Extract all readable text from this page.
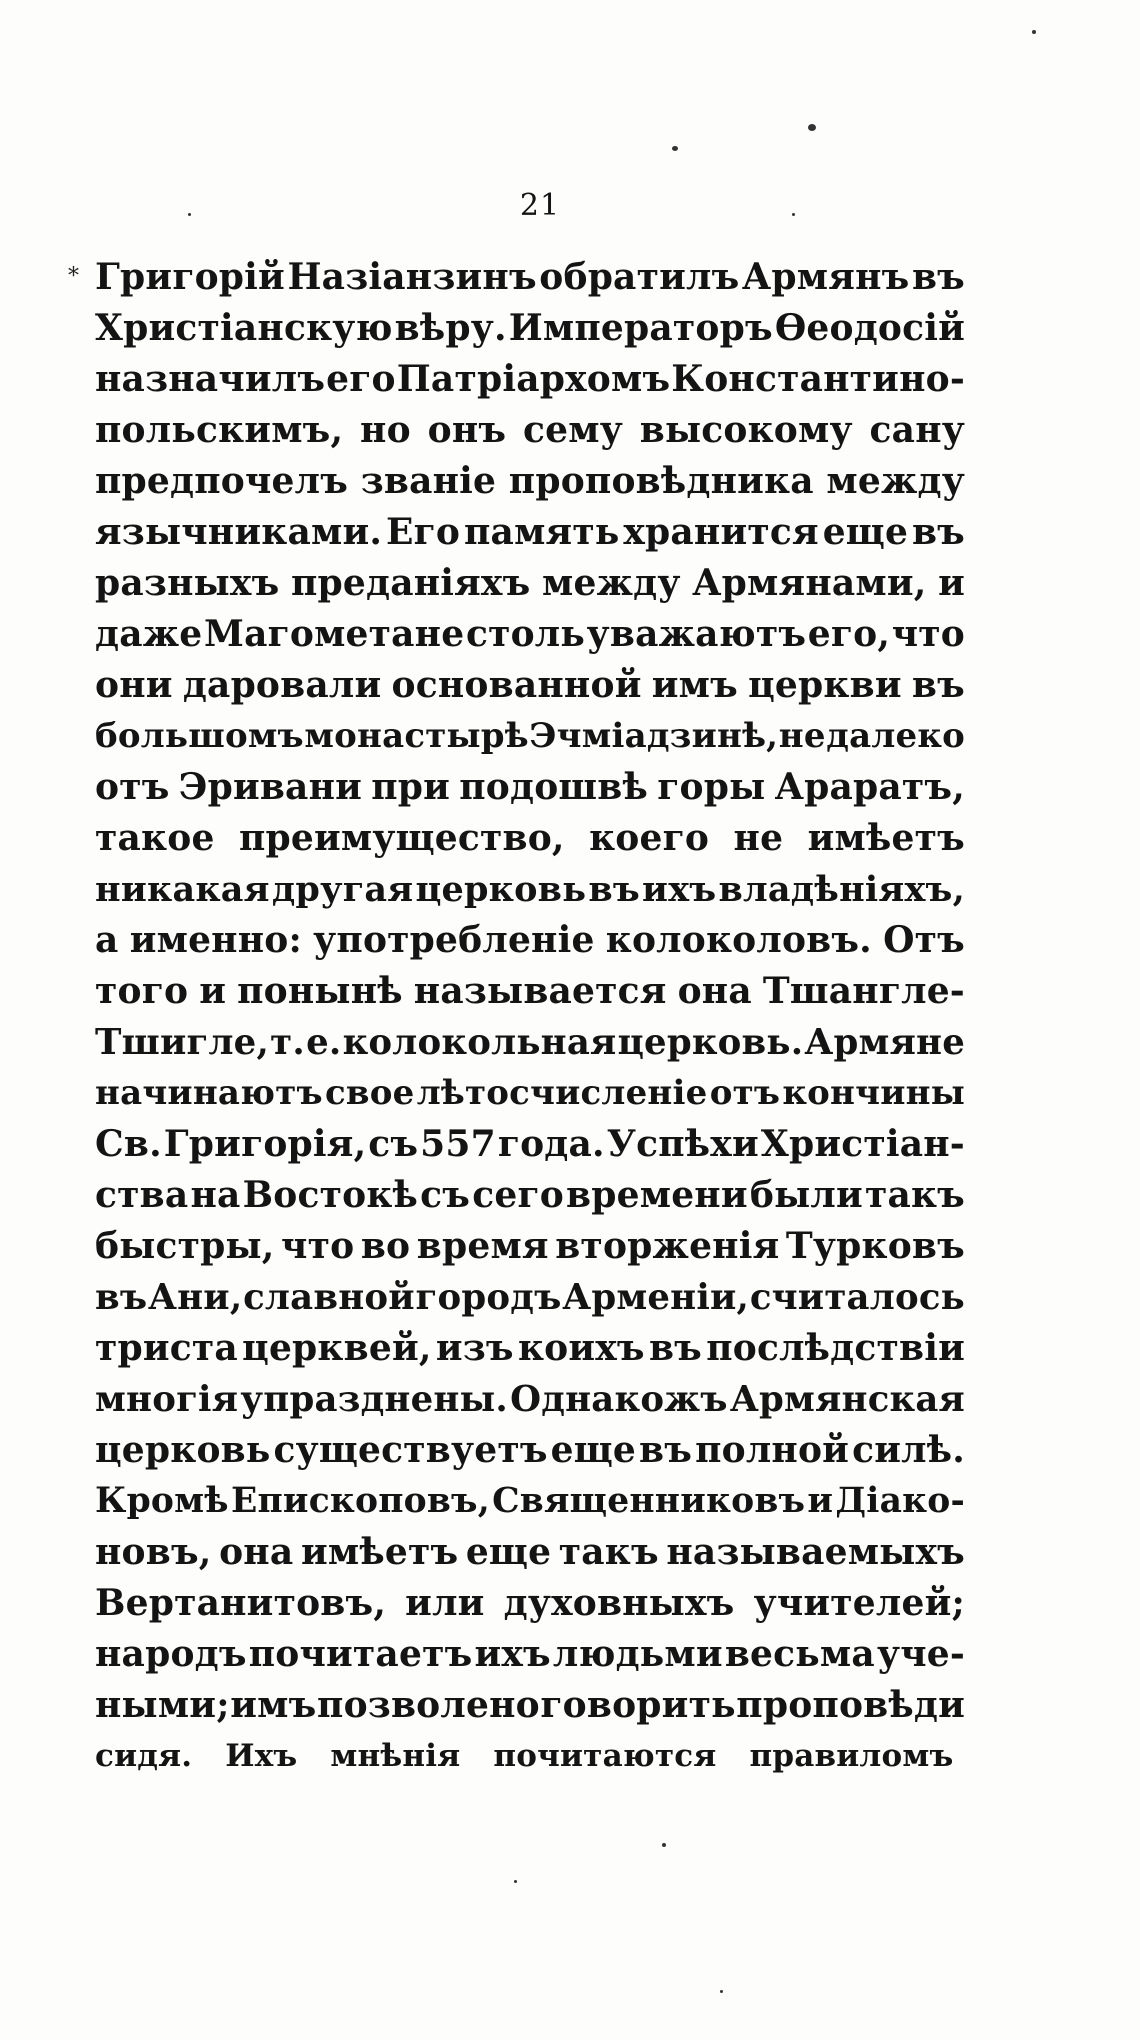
21
* Григорій Назіанзинъ обратилъ Армянъ въ
Христіанскую вѣру. Императоръ Ѳеодосій
назначилъ его Патріархомъ Константино-
польскимъ, но онъ сему высокому сану
предпочелъ званіе проповѣдника между
язычниками. Его память хранится еще въ
разныхъ преданіяхъ между Армянами, и
даже Магометане столь уважаютъ его, что
они даровали основанной имъ церкви въ
большомъ монастырѣ Эчміадзинѣ, не далеко
отъ Эривани при подошвѣ горы Араратъ,
такое преимущество, коего не имѣетъ
никакая другая церковь въ ихъ владѣніяхъ,
а именно: употребленіе колоколовъ. Отъ
того и понынѣ называется она Тшангле-
Тшигле, т. е. колокольная церковь. Армяне
начинаютъ свое лѣтосчисленіе отъ кончины
Св. Григорія, съ 557 года. Успѣхи Христіан-
ства на Востокѣ съ сего времени были такъ
быстры, что во время вторженія Турковъ
въ Ани, славной городъ Арменіи, считалось
триста церквей, изъ коихъ въ послѣдствіи
многія упразднены. Однакожъ Армянская
церковь существуетъ еще въ полной силѣ.
Кромѣ Епископовъ, Священниковъ и Діако-
новъ, она имѣетъ еще такъ называемыхъ
Вертанитовъ, или духовныхъ учителей;
народъ почитаетъ ихъ людьми весьма уче-
ными; имъ позволено говорить проповѣди
сидя. Ихъ мнѣнія почитаются правиломъ
